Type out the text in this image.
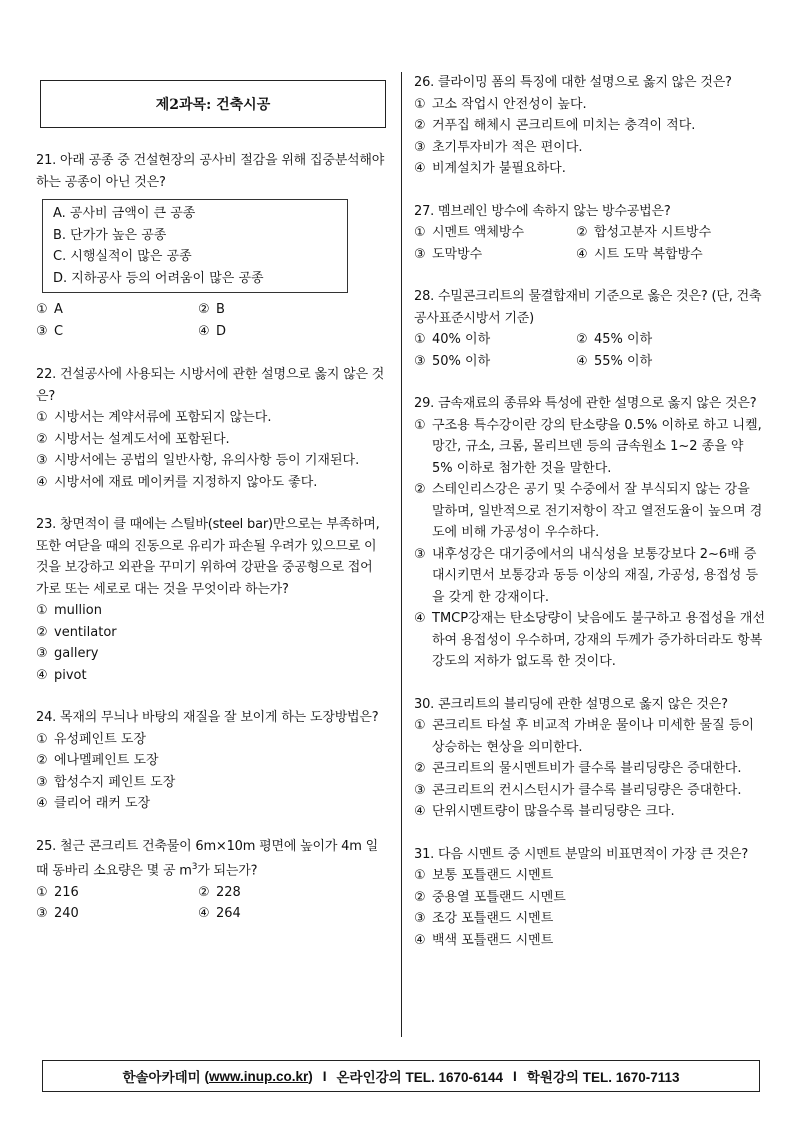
제2과목: 건축시공
21. 아래 공종 중 건설현장의 공사비 절감을 위해 집중분석해야하는 공종이 아닌 것은?
A. 공사비 금액이 큰 공종
B. 단가가 높은 공종
C. 시행실적이 많은 공종
D. 지하공사 등의 어려움이 많은 공종
① A	② B
③ C	④ D
22. 건설공사에 사용되는 시방서에 관한 설명으로 옳지 않은 것은?
① 시방서는 계약서류에 포함되지 않는다.
② 시방서는 설계도서에 포함된다.
③ 시방서에는 공법의 일반사항, 유의사항 등이 기재된다.
④ 시방서에 재료 메이커를 지정하지 않아도 좋다.
23. 창면적이 클 때에는 스틸바(steel bar)만으로는 부족하며, 또한 여닫을 때의 진동으로 유리가 파손될 우려가 있으므로 이것을 보강하고 외관을 꾸미기 위하여 강판을 중공형으로 접어 가로 또는 세로로 대는 것을 무엇이라 하는가?
① mullion
② ventilator
③ gallery
④ pivot
24. 목재의 무늬나 바탕의 재질을 잘 보이게 하는 도장방법은?
① 유성페인트 도장
② 에나멜페인트 도장
③ 합성수지 페인트 도장
④ 클리어 래커 도장
25. 철근 콘크리트 건축물이 6m×10m 평면에 높이가 4m 일 때 동바리 소요량은 몇 공 $m^3$가 되는가?
① 216	② 228
③ 240	④ 264
26. 클라이밍 폼의 특징에 대한 설명으로 옳지 않은 것은?
① 고소 작업시 안전성이 높다.
② 거푸집 해체시 콘크리트에 미치는 충격이 적다.
③ 초기투자비가 적은 편이다.
④ 비계설치가 불필요하다.
27. 멤브레인 방수에 속하지 않는 방수공법은?
① 시멘트 액체방수	② 합성고분자 시트방수
③ 도막방수	④ 시트 도막 복합방수
28. 수밀콘크리트의 물결합재비 기준으로 옳은 것은? (단, 건축공사표준시방서 기준)
① 40% 이하	② 45% 이하
③ 50% 이하	④ 55% 이하
29. 금속재료의 종류와 특성에 관한 설명으로 옳지 않은 것은?
① 구조용 특수강이란 강의 탄소량을 0.5% 이하로 하고 니켈, 망간, 규소, 크롬, 몰리브덴 등의 금속원소 1~2 종을 약 5% 이하로 첨가한 것을 말한다.
② 스테인리스강은 공기 및 수중에서 잘 부식되지 않는 강을 말하며, 일반적으로 전기저항이 작고 열전도율이 높으며 경도에 비해 가공성이 우수하다.
③ 내후성강은 대기중에서의 내식성을 보통강보다 2~6배 증대시키면서 보통강과 동등 이상의 재질, 가공성, 용접성 등을 갖게 한 강재이다.
④ TMCP강재는 탄소당량이 낮음에도 불구하고 용접성을 개선하여 용접성이 우수하며, 강재의 두께가 증가하더라도 항복강도의 저하가 없도록 한 것이다.
30. 콘크리트의 블리딩에 관한 설명으로 옳지 않은 것은?
① 콘크리트 타설 후 비교적 가벼운 물이나 미세한 물질 등이 상승하는 현상을 의미한다.
② 콘크리트의 물시멘트비가 클수록 블리딩량은 증대한다.
③ 콘크리트의 컨시스턴시가 클수록 블리딩량은 증대한다.
④ 단위시멘트량이 많을수록 블리딩량은 크다.
31. 다음 시멘트 중 시멘트 분말의 비표면적이 가장 큰 것은?
① 보통 포틀랜드 시멘트
② 중용열 포틀랜드 시멘트
③ 조강 포틀랜드 시멘트
④ 백색 포틀랜드 시멘트
한솔아카데미 ( www.inup.co.kr ) I 온라인강의 TEL. 1670-6144 I 학원강의 TEL. 1670-7113
